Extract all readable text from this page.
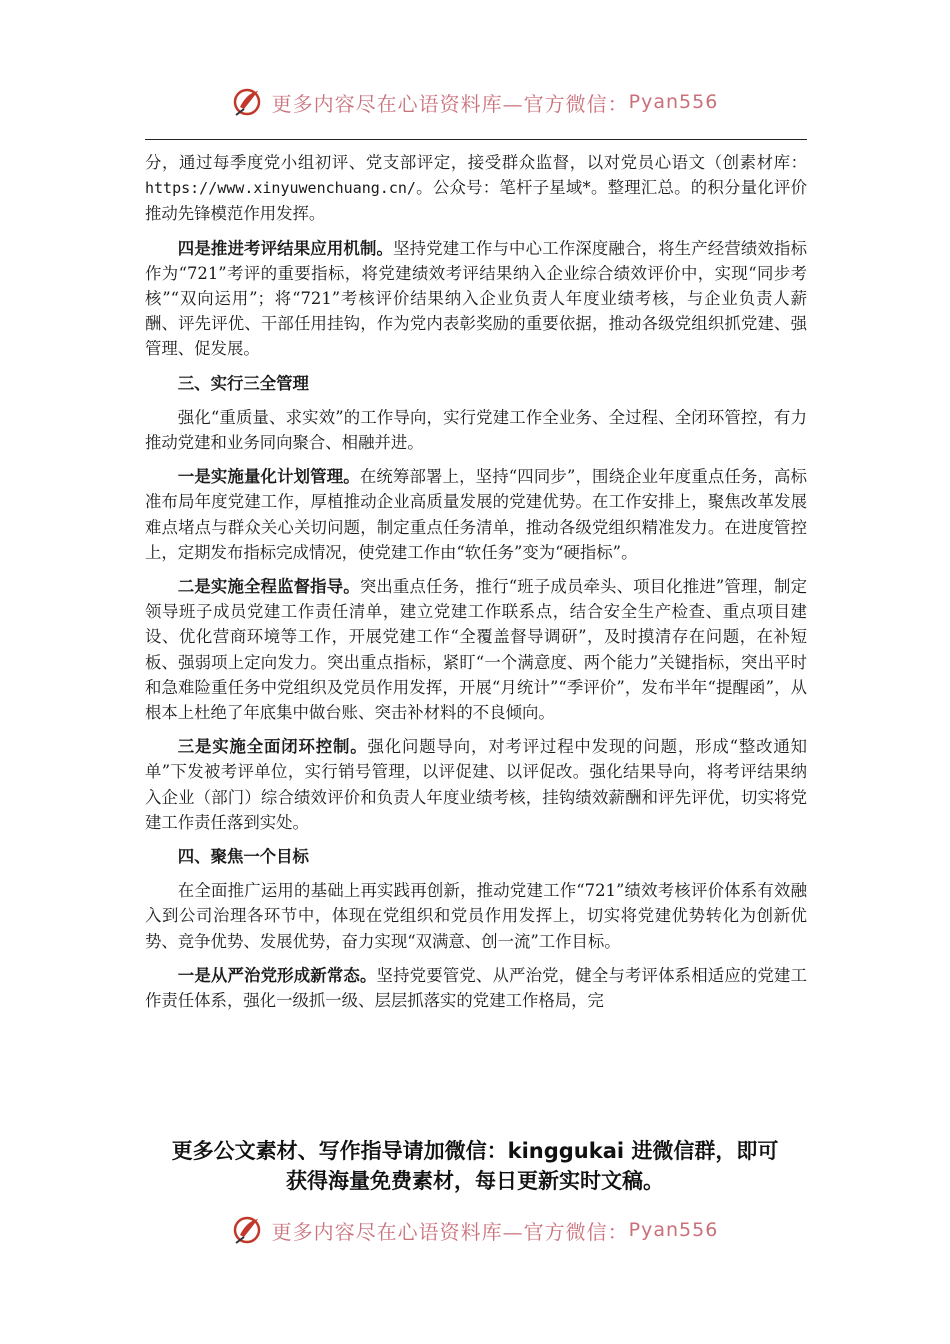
更多内容尽在心语资料库—官方微信： Pyan556

分，通过每季度党小组初评、党支部评定，接受群众监督，以对党员心语文（创素材库：https://www.xinyuwenchuang.cn/。公众号：笔杆子星域*。整理汇总。的积分量化评价推动先锋模范作用发挥。

四是推进考评结果应用机制。坚持党建工作与中心工作深度融合，将生产经营绩效指标作为“721”考评的重要指标，将党建绩效考评结果纳入企业综合绩效评价中，实现“同步考核”“双向运用”；将“721”考核评价结果纳入企业负责人年度业绩考核，与企业负责人薪酬、评先评优、干部任用挂钩，作为党内表彰奖励的重要依据，推动各级党组织抓党建、强管理、促发展。

三、实行三全管理

强化“重质量、求实效”的工作导向，实行党建工作全业务、全过程、全闭环管控，有力推动党建和业务同向聚合、相融并进。

一是实施量化计划管理。在统筹部署上，坚持“四同步”，围绕企业年度重点任务，高标准布局年度党建工作，厚植推动企业高质量发展的党建优势。在工作安排上，聚焦改革发展难点堵点与群众关心关切问题，制定重点任务清单，推动各级党组织精准发力。在进度管控上，定期发布指标完成情况，使党建工作由“软任务”变为“硬指标”。

二是实施全程监督指导。突出重点任务，推行“班子成员牵头、项目化推进”管理，制定领导班子成员党建工作责任清单，建立党建工作联系点，结合安全生产检查、重点项目建设、优化营商环境等工作，开展党建工作“全覆盖督导调研”，及时摸清存在问题，在补短板、强弱项上定向发力。突出重点指标，紧盯“一个满意度、两个能力”关键指标，突出平时和急难险重任务中党组织及党员作用发挥，开展“月统计”“季评价”，发布半年“提醒函”，从根本上杜绝了年底集中做台账、突击补材料的不良倾向。

三是实施全面闭环控制。强化问题导向，对考评过程中发现的问题，形成“整改通知单”下发被考评单位，实行销号管理，以评促建、以评促改。强化结果导向，将考评结果纳入企业（部门）综合绩效评价和负责人年度业绩考核，挂钩绩效薪酬和评先评优，切实将党建工作责任落到实处。

四、聚焦一个目标

在全面推广运用的基础上再实践再创新，推动党建工作“721”绩效考核评价体系有效融入到公司治理各环节中，体现在党组织和党员作用发挥上，切实将党建优势转化为创新优势、竞争优势、发展优势，奋力实现“双满意、创一流”工作目标。

一是从严治党形成新常态。坚持党要管党、从严治党，健全与考评体系相适应的党建工作责任体系，强化一级抓一级、层层抓落实的党建工作格局，完

更多公文素材、写作指导请加微信：kinggukai 进微信群，即可
获得海量免费素材，每日更新实时文稿。
更多内容尽在心语资料库—官方微信： Pyan556
